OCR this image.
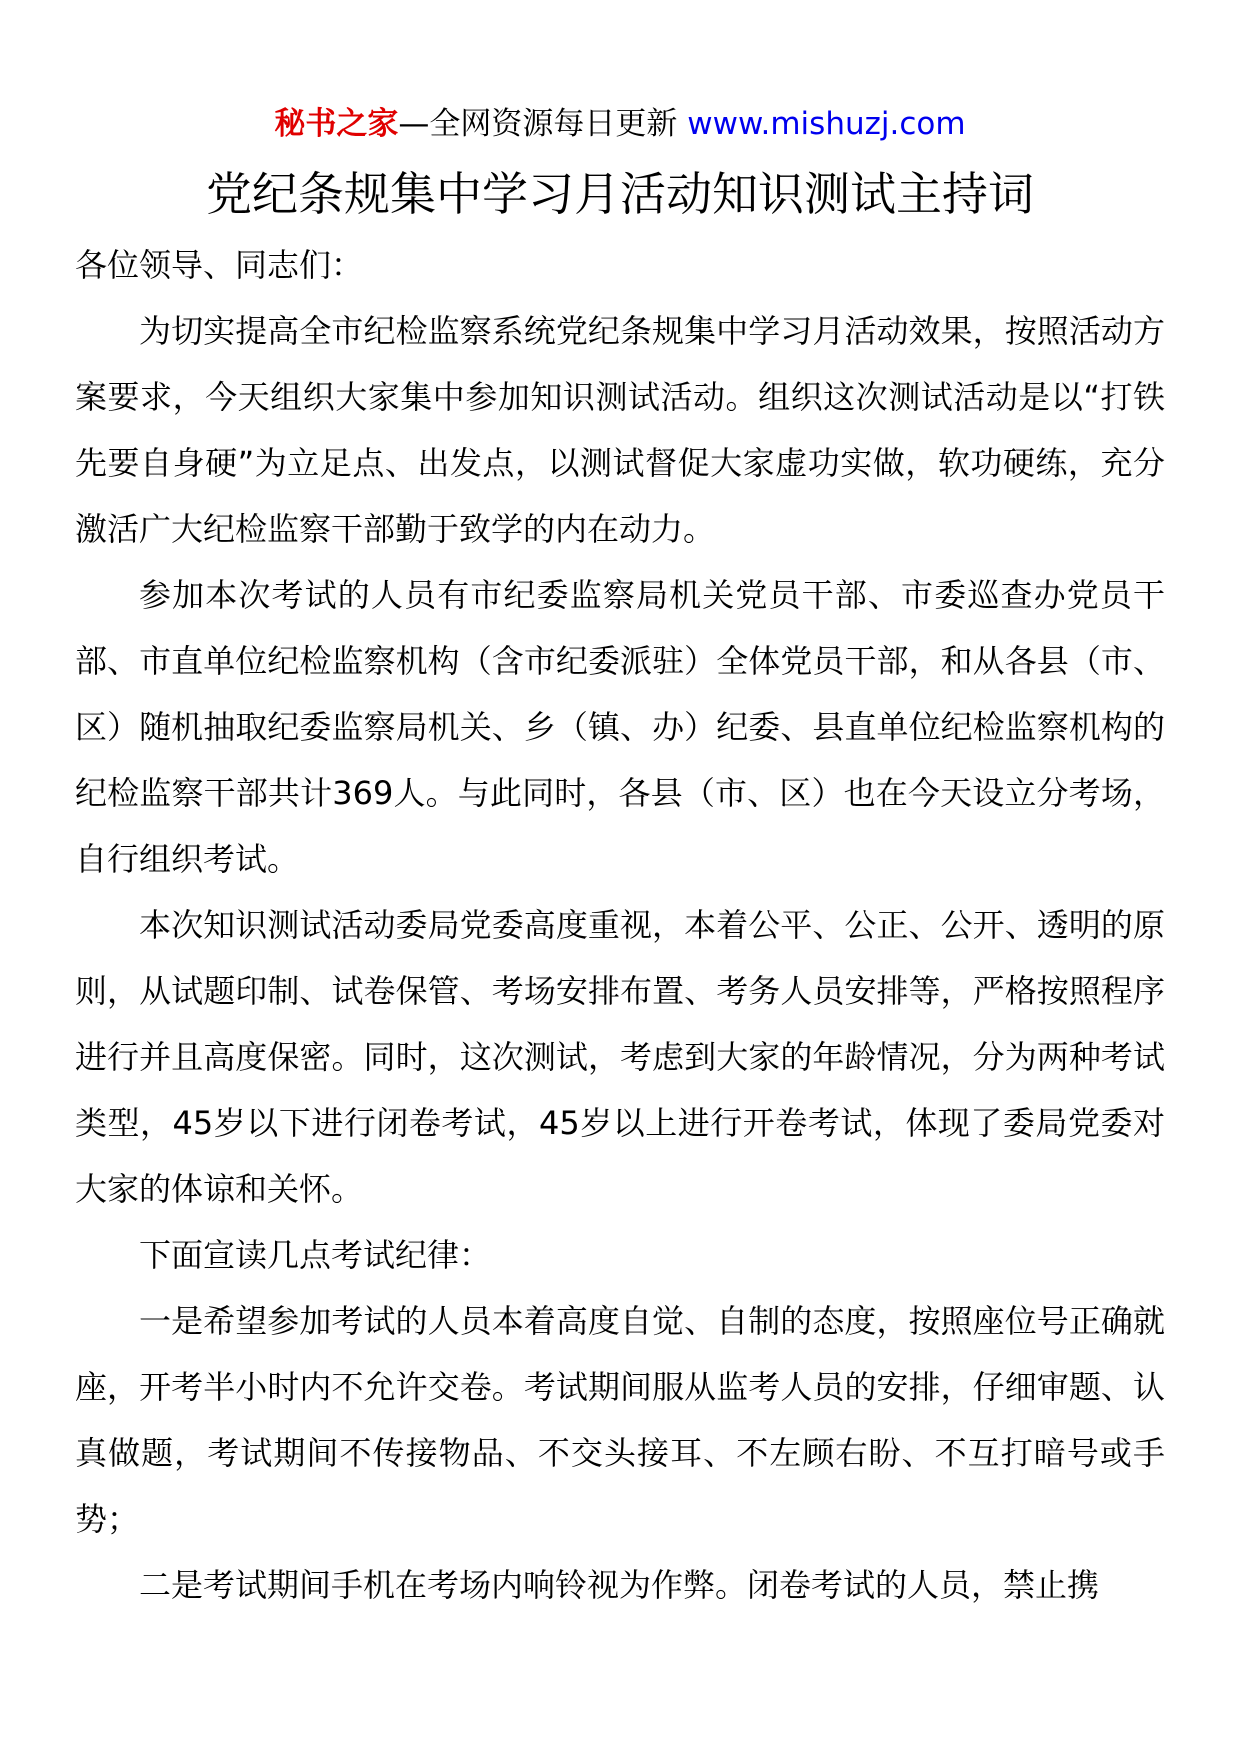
秘书之家—全网资源每日更新 www.mishuzj.com
党纪条规集中学习月活动知识测试主持词

各位领导、同志们：

为切实提高全市纪检监察系统党纪条规集中学习月活动效果，按照活动方案要求，今天组织大家集中参加知识测试活动。组织这次测试活动是以“打铁先要自身硬”为立足点、出发点，以测试督促大家虚功实做，软功硬练，充分激活广大纪检监察干部勤于致学的内在动力。

参加本次考试的人员有市纪委监察局机关党员干部、市委巡查办党员干部、市直单位纪检监察机构（含市纪委派驻）全体党员干部，和从各县（市、区）随机抽取纪委监察局机关、乡（镇、办）纪委、县直单位纪检监察机构的纪检监察干部共计369人。与此同时，各县（市、区）也在今天设立分考场，自行组织考试。

本次知识测试活动委局党委高度重视，本着公平、公正、公开、透明的原则，从试题印制、试卷保管、考场安排布置、考务人员安排等，严格按照程序进行并且高度保密。同时，这次测试，考虑到大家的年龄情况，分为两种考试类型，45岁以下进行闭卷考试，45岁以上进行开卷考试，体现了委局党委对大家的体谅和关怀。

下面宣读几点考试纪律：

一是希望参加考试的人员本着高度自觉、自制的态度，按照座位号正确就座，开考半小时内不允许交卷。考试期间服从监考人员的安排，仔细审题、认真做题，考试期间不传接物品、不交头接耳、不左顾右盼、不互打暗号或手势；

二是考试期间手机在考场内响铃视为作弊。闭卷考试的人员，禁止携
